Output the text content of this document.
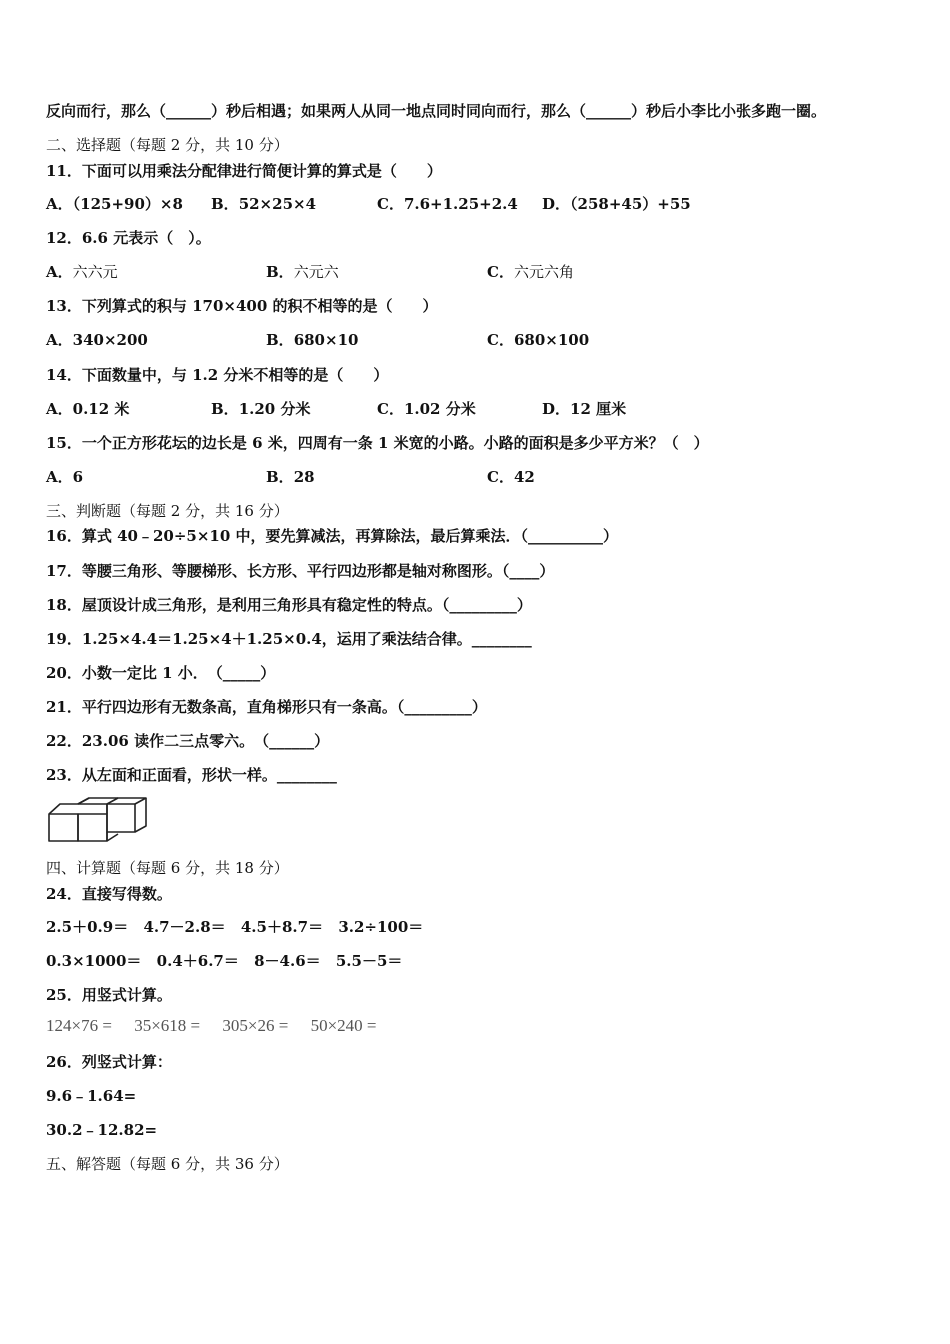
反向而行，那么（______）秒后相遇；如果两人从同一地点同时同向而行，那么（______）秒后小李比小张多跑一圈。
二、选择题（每题 2 分，共 10 分）
11．下面可以用乘法分配律进行简便计算的算式是（　　）
A．（125+90）×8 B．52×25×4	C．7.6+1.25+2.4 D．（258+45）+55
12．6.6 元表示（　）。
A．六六元	B．六元六	C．六元六角
13．下列算式的积与 170×400 的积不相等的是（　　）
A．340×200	B．680×10	C．680×100
14．下面数量中，与 1.2 分米不相等的是（　　）
A．0.12 米	B．1.20 分米	C．1.02 分米	D．12 厘米
15．一个正方形花坛的边长是 6 米，四周有一条 1 米宽的小路。小路的面积是多少平方米？（　）
A．6	B．28	C．42
三、判断题（每题 2 分，共 16 分）
16．算式 40﹣20÷5×10 中，要先算减法，再算除法，最后算乘法．（__________）
17．等腰三角形、等腰梯形、长方形、平行四边形都是轴对称图形。（____）
18．屋顶设计成三角形，是利用三角形具有稳定性的特点。（_________）
19．1.25×4.4＝1.25×4＋1.25×0.4，运用了乘法结合律。________
20．小数一定比 1 小．　（_____）
21．平行四边形有无数条高，直角梯形只有一条高。（_________）
22．23.06 读作二三点零六。　（______）
23．从左面和正面看，形状一样。________
四、计算题（每题 6 分，共 18 分）
24．直接写得数。
2.5＋0.9＝ 4.7－2.8＝ 4.5＋8.7＝ 3.2÷100＝
0.3×1000＝ 0.4＋6.7＝ 8－4.6＝ 5.5－5＝
25．用竖式计算。
124×76 = 35×618 = 305×26 = 50×240 =
26．列竖式计算：
9.6﹣1.64=
30.2﹣12.82=
五、解答题（每题 6 分，共 36 分）
